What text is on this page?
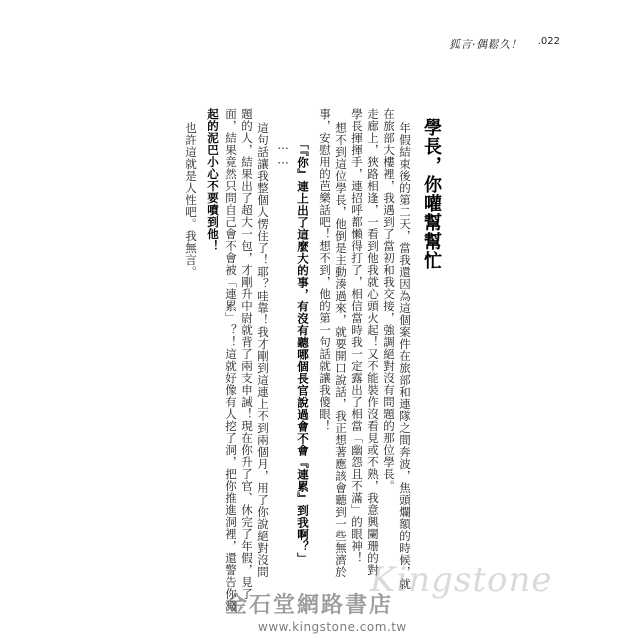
狐言·偶鬆久！ .022
學長，你嚾幫幫忙
年假結束後的第二天，當我還因為這個案件在旅部和連隊之間奔波，焦頭爛額的時候，就
在旅部大樓裡，我遇到了當初和我交接，強調絕對沒有問題的那位學長。
走廊上，狹路相逢，一看到他我就心頭火起！又不能裝作沒看見或不熟，我意興闌珊的對
學長揮揮手，連招呼都懶得打了，相信當時我一定露出了相當「幽怨且不滿」的眼神！
想不到這位學長，他倒是主動湊過來，就要開口說話，我正想著應該會聽到一些無濟於
事，安慰用的芭樂話吧！想不到，他的第一句話就讓我傻眼！
「『你』連上出了這麼大的事，有沒有聽哪個長官說過會不會『連累』到我啊？」
……
這句話讓我整個人愣住了！耶？哇靠！我才剛到這連上不到兩個月，用了你說絕對沒問
題的人，結果出了超大一包，才剛升中尉就背了兩支申誡！現在你升了官、休完了年假，見了
面，結果竟然只問自己會不會被「連累」？！這就好像有人挖了洞，把你推進洞裡，還警告你濺
起的泥巴小心不要噴到他！
也許這就是人性吧。我無言。
Kingstone
金石堂網路書店
www.kingstone.com.tw
